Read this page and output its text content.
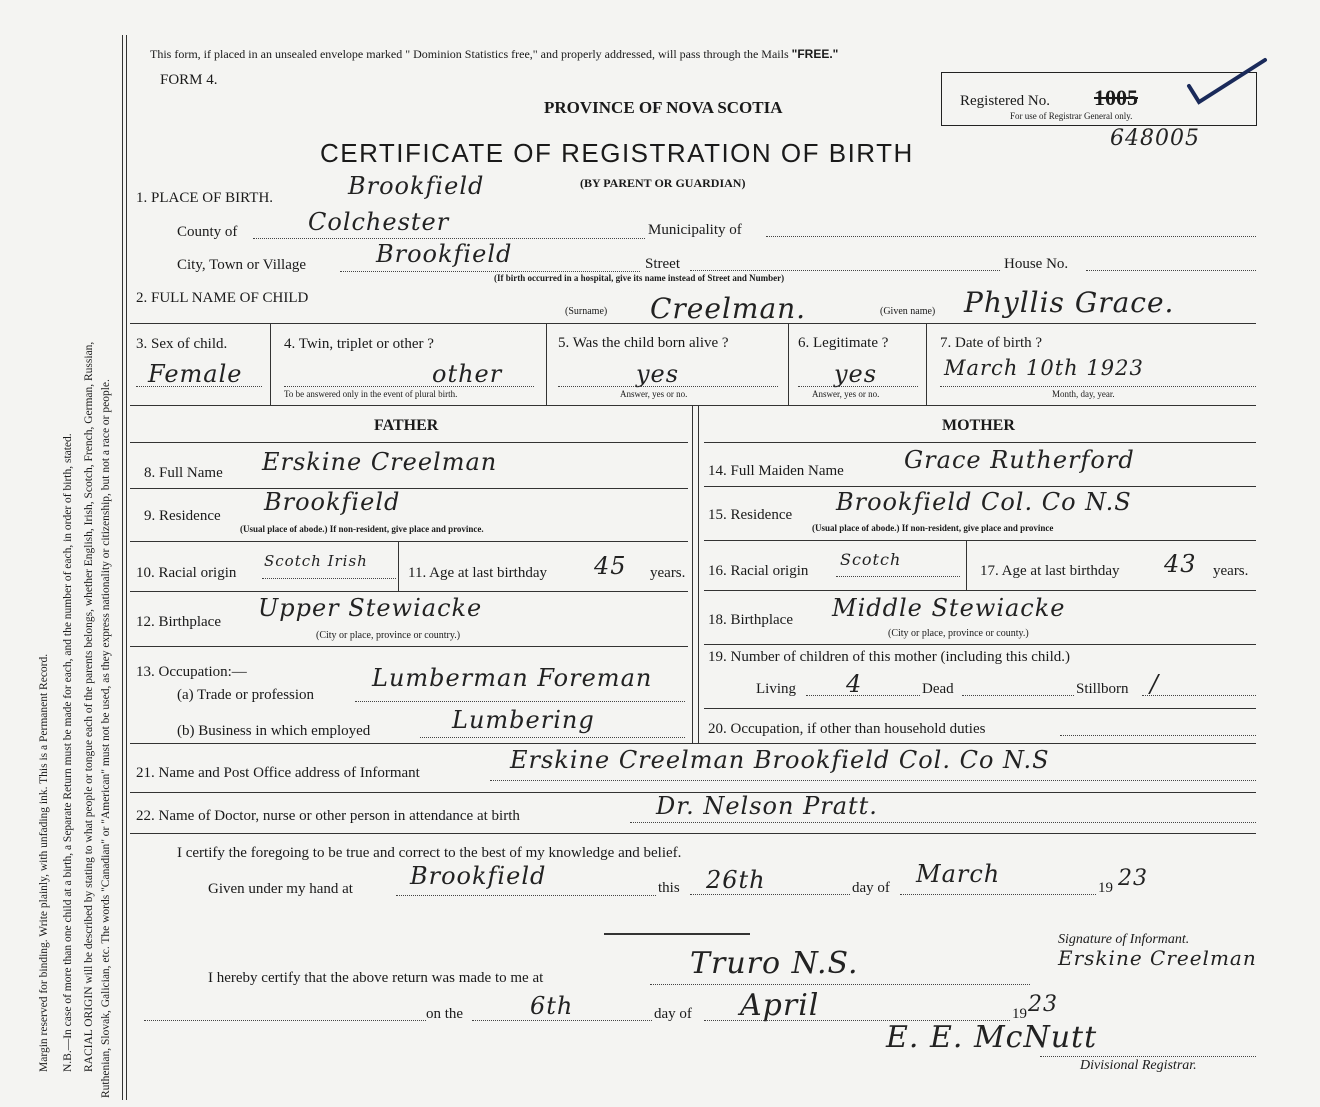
Margin reserved for binding. Write plainly, with unfading ink. This is a Permanent Record. N.B.—In case of more than one child at a birth, a Separate Return must be made for each, and the number of each, in order of birth, stated. RACIAL ORIGIN will be described by stating to what people or tongue each of the parents belongs, whether English, Irish, Scotch, French, German, Russian, Ruthenian, Slovak, Galician, etc. The words "Canadian" or "American" must not be used, as they express nationality or citizenship, but not a race or people.
This form, if placed in an unsealed envelope marked " Dominion Statistics free," and properly addressed, will pass through the Mails "FREE."
FORM 4.
PROVINCE OF NOVA SCOTIA
CERTIFICATE OF REGISTRATION OF BIRTH
(BY PARENT OR GUARDIAN)
Registered No. 1005
For use of Registrar General only.
648005
1. PLACE OF BIRTH.	Brookfield
County of	Colchester	Municipality of
City, Town or Village	Brookfield	Street	House No.
(If birth occurred in a hospital, give its name instead of Street and Number)
2. FULL NAME OF CHILD
(Surname) Creelman.	(Given name) Phyllis Grace.
3. Sex of child.
Female
4. Twin, triplet or other ?
other
To be answered only in the event of plural birth.
5. Was the child born alive ?
yes
Answer, yes or no.
6. Legitimate ?
yes
Answer, yes or no.
7. Date of birth ?
March 10th 1923
Month, day, year.
FATHER
8. Full Name Erskine Creelman
9. Residence Brookfield
(Usual place of abode.) If non-resident, give place and province.
10. Racial origin
Scotch Irish
11. Age at last birthday 45 years.
12. Birthplace Upper Stewiacke
(City or place, province or country.)
13. Occupation:—
(a) Trade or profession
Lumberman Foreman
(b) Business in which employed	Lumbering
MOTHER
14. Full Maiden Name	Grace Rutherford
15. Residence Brookfield Col. Co N.S
(Usual place of abode.) If non-resident, give place and province
16. Racial origin
Scotch
17. Age at last birthday 43 years.
18. Birthplace Middle Stewiacke
(City or place, province or county.)
19. Number of children of this mother (including this child.)
Living 4	Dead	Stillborn /
20. Occupation, if other than household duties
21. Name and Post Office address of Informant	Erskine Creelman Brookfield Col. Co N.S
22. Name of Doctor, nurse or other person in attendance at birth	Dr. Nelson Pratt.
I certify the foregoing to be true and correct to the best of my knowledge and belief.
Given under my hand at Brookfield	this 26th	day of March	19 23
Signature of Informant.
Erskine Creelman
I hereby certify that the above return was made to me at	Truro N.S.
on the	6th	day of April	19 23
E. E. McNutt
Divisional Registrar.
